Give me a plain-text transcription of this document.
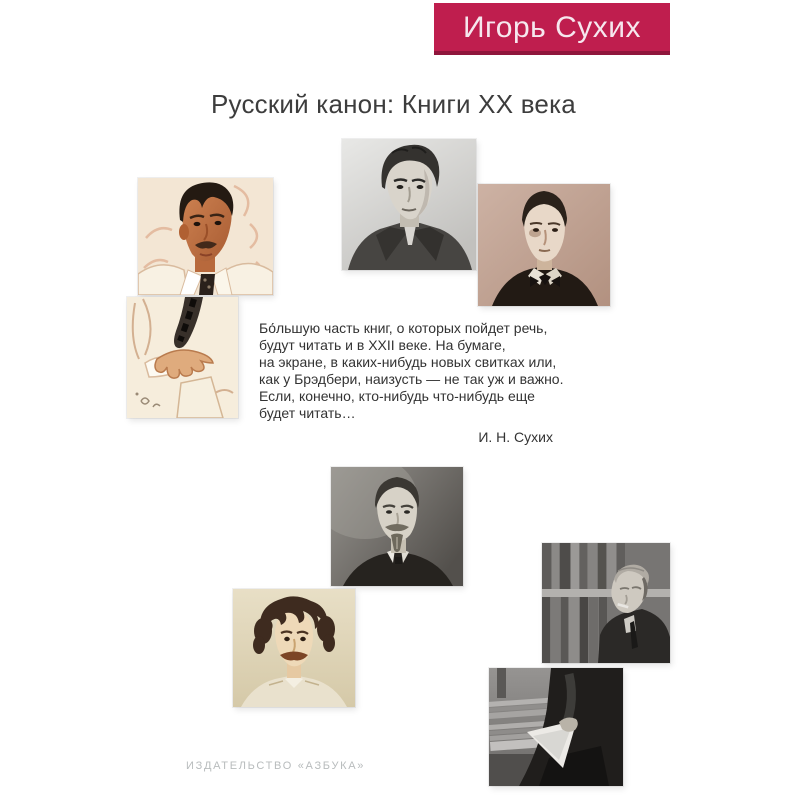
Игорь Сухих
Русский канон: Книги XX века
Бо́льшую часть книг, о которых пойдет речь,
будут читать и в XXII веке. На бумаге,
на экране, в каких-нибудь новых свитках или,
как у Брэдбери, наизусть — не так уж и важно.
Если, конечно, кто-нибудь что-нибудь еще
будет читать…
И. Н. Сухих
ИЗДАТЕЛЬСТВО «АЗБУКА»
